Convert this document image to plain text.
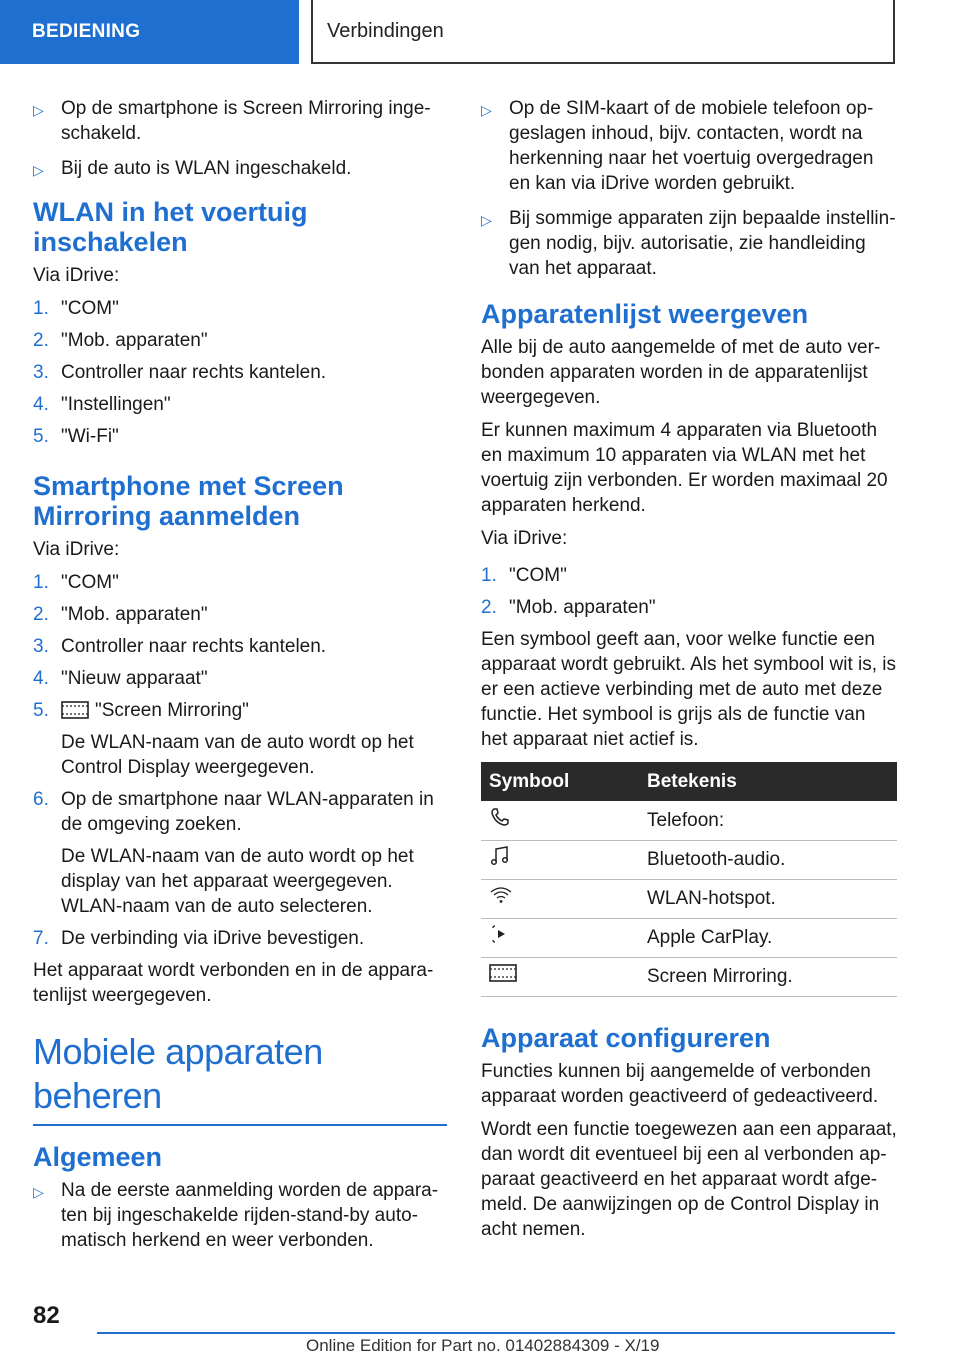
BEDIENING	Verbindingen
▷ Op de smartphone is Screen Mirroring ingeschakeld.
▷ Bij de auto is WLAN ingeschakeld.
WLAN in het voertuig inschakelen
Via iDrive:
1. "COM"
2. "Mob. apparaten"
3. Controller naar rechts kantelen.
4. "Instellingen"
5. "Wi-Fi"
Smartphone met Screen Mirroring aanmelden
Via iDrive:
1. "COM"
2. "Mob. apparaten"
3. Controller naar rechts kantelen.
4. "Nieuw apparaat"
5.	"Screen Mirroring"
De WLAN-naam van de auto wordt op het Control Display weergegeven.
6. Op de smartphone naar WLAN-apparaten in de omgeving zoeken.
De WLAN-naam van de auto wordt op het display van het apparaat weergegeven. WLAN-naam van de auto selecteren.
7. De verbinding via iDrive bevestigen.
Het apparaat wordt verbonden en in de apparatenlijst weergegeven.
Mobiele apparaten beheren
Algemeen
▷ Na de eerste aanmelding worden de apparaten bij ingeschakelde rijden-stand-by automatisch herkend en weer verbonden.
▷ Op de SIM-kaart of de mobiele telefoon opgeslagen inhoud, bijv. contacten, wordt na herkenning naar het voertuig overgedragen en kan via iDrive worden gebruikt.
▷ Bij sommige apparaten zijn bepaalde instellingen nodig, bijv. autorisatie, zie handleiding van het apparaat.
Apparatenlijst weergeven
Alle bij de auto aangemelde of met de auto verbonden apparaten worden in de apparatenlijst weergegeven.
Er kunnen maximum 4 apparaten via Bluetooth en maximum 10 apparaten via WLAN met het voertuig zijn verbonden. Er worden maximaal 20 apparaten herkend.
Via iDrive:
1. "COM"
2. "Mob. apparaten"
Een symbool geeft aan, voor welke functie een apparaat wordt gebruikt. Als het symbool wit is, is er een actieve verbinding met de auto met deze functie. Het symbool is grijs als de functie van het apparaat niet actief is.
Symbool	Betekenis
	Telefoon:
	Bluetooth-audio.
	WLAN-hotspot.
	Apple CarPlay.
	Screen Mirroring.
Apparaat configureren
Functies kunnen bij aangemelde of verbonden apparaat worden geactiveerd of gedeactiveerd.
Wordt een functie toegewezen aan een apparaat, dan wordt dit eventueel bij een al verbonden apparaat geactiveerd en het apparaat wordt afgemeld. De aanwijzingen op de Control Display in acht nemen.
82
Online Edition for Part no. 01402884309 - X/19
